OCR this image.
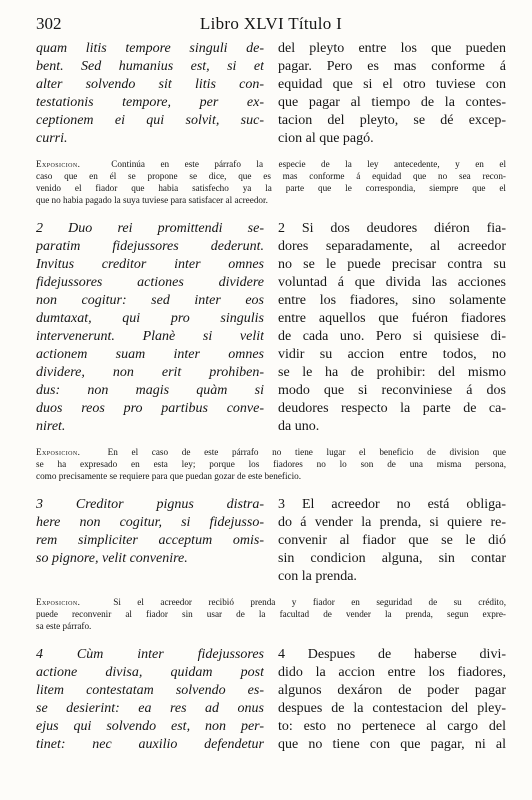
302	Libro XLVI Título I
quam litis tempore singuli de-
bent. Sed humanius est, si et
alter solvendo sit litis con-
testationis tempore, per ex-
ceptionem ei qui solvit, suc-
curri.
del pleyto entre los que pueden
pagar. Pero es mas conforme á
equidad que si el otro tuviese con
que pagar al tiempo de la contes-
tacion del pleyto, se dé excep-
cion al que pagó.
Exposicion.	Continúa en este párrafo la especie de la ley antecedente, y en el
caso que en él se propone se dice, que es mas conforme á equidad que no sea recon-
venido el fiador que habia satisfecho ya la parte que le correspondia, siempre que el
que no habia pagado la suya tuviese para satisfacer al acreedor.
2 Duo rei promittendi se-
paratim fidejussores dederunt.
Invitus creditor inter omnes
fidejussores actiones dividere
non cogitur: sed inter eos
dumtaxat, qui pro singulis
intervenerunt. Planè si velit
actionem suam inter omnes
dividere, non erit prohiben-
dus: non magis quàm si
duos reos pro partibus conve-
niret.
2 Si dos deudores diéron fia-
dores separadamente, al acreedor
no se le puede precisar contra su
voluntad á que divida las acciones
entre los fiadores, sino solamente
entre aquellos que fuéron fiadores
de cada uno. Pero si quisiese di-
vidir su accion entre todos, no
se le ha de prohibir: del mismo
modo que si reconviniese á dos
deudores respecto la parte de ca-
da uno.
Exposicion.	En el caso de este párrafo no tiene lugar el beneficio de division que
se ha expresado en esta ley; porque los fiadores no lo son de una misma persona,
como precisamente se requiere para que puedan gozar de este beneficio.
3 Creditor pignus distra-
here non cogitur, si fidejusso-
rem simpliciter acceptum omis-
so pignore, velit convenire.
3 El acreedor no está obliga-
do á vender la prenda, si quiere re-
convenir al fiador que se le dió
sin condicion alguna, sin contar
con la prenda.
Exposicion.	Si el acreedor recibió prenda y fiador en seguridad de su crédito,
puede reconvenir al fiador sin usar de la facultad de vender la prenda, segun expre-
sa este párrafo.
4 Cùm inter fidejussores
actione divisa, quidam post
litem contestatam solvendo es-
se desierint: ea res ad onus
ejus qui solvendo est, non per-
tinet: nec auxilio defendetur
4 Despues de haberse divi-
dido la accion entre los fiadores,
algunos dexáron de poder pagar
despues de la contestacion del pley-
to: esto no pertenece al cargo del
que no tiene con que pagar, ni al
